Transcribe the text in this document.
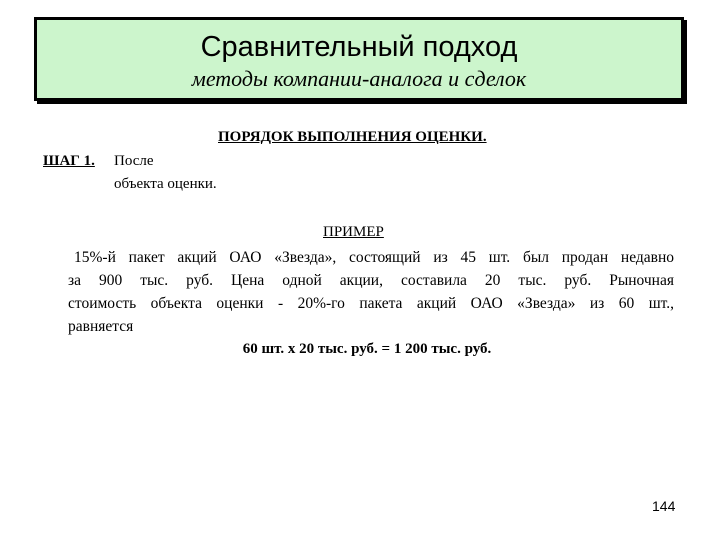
Сравнительный подход
методы компании-аналога и сделок
ПОРЯДОК ВЫПОЛНЕНИЯ ОЦЕНКИ.
ШАГ 1. После
объекта оценки.
ПРИМЕР
15%-й пакет акций ОАО «Звезда», состоящий из 45 шт. был продан недавно
за 900 тыс. руб. Цена одной акции, составила 20 тыс. руб. Рыночная
стоимость объекта оценки - 20%-го пакета акций ОАО «Звезда» из 60 шт.,
равняется
60 шт. х 20 тыс. руб. = 1 200 тыс. руб.
144
